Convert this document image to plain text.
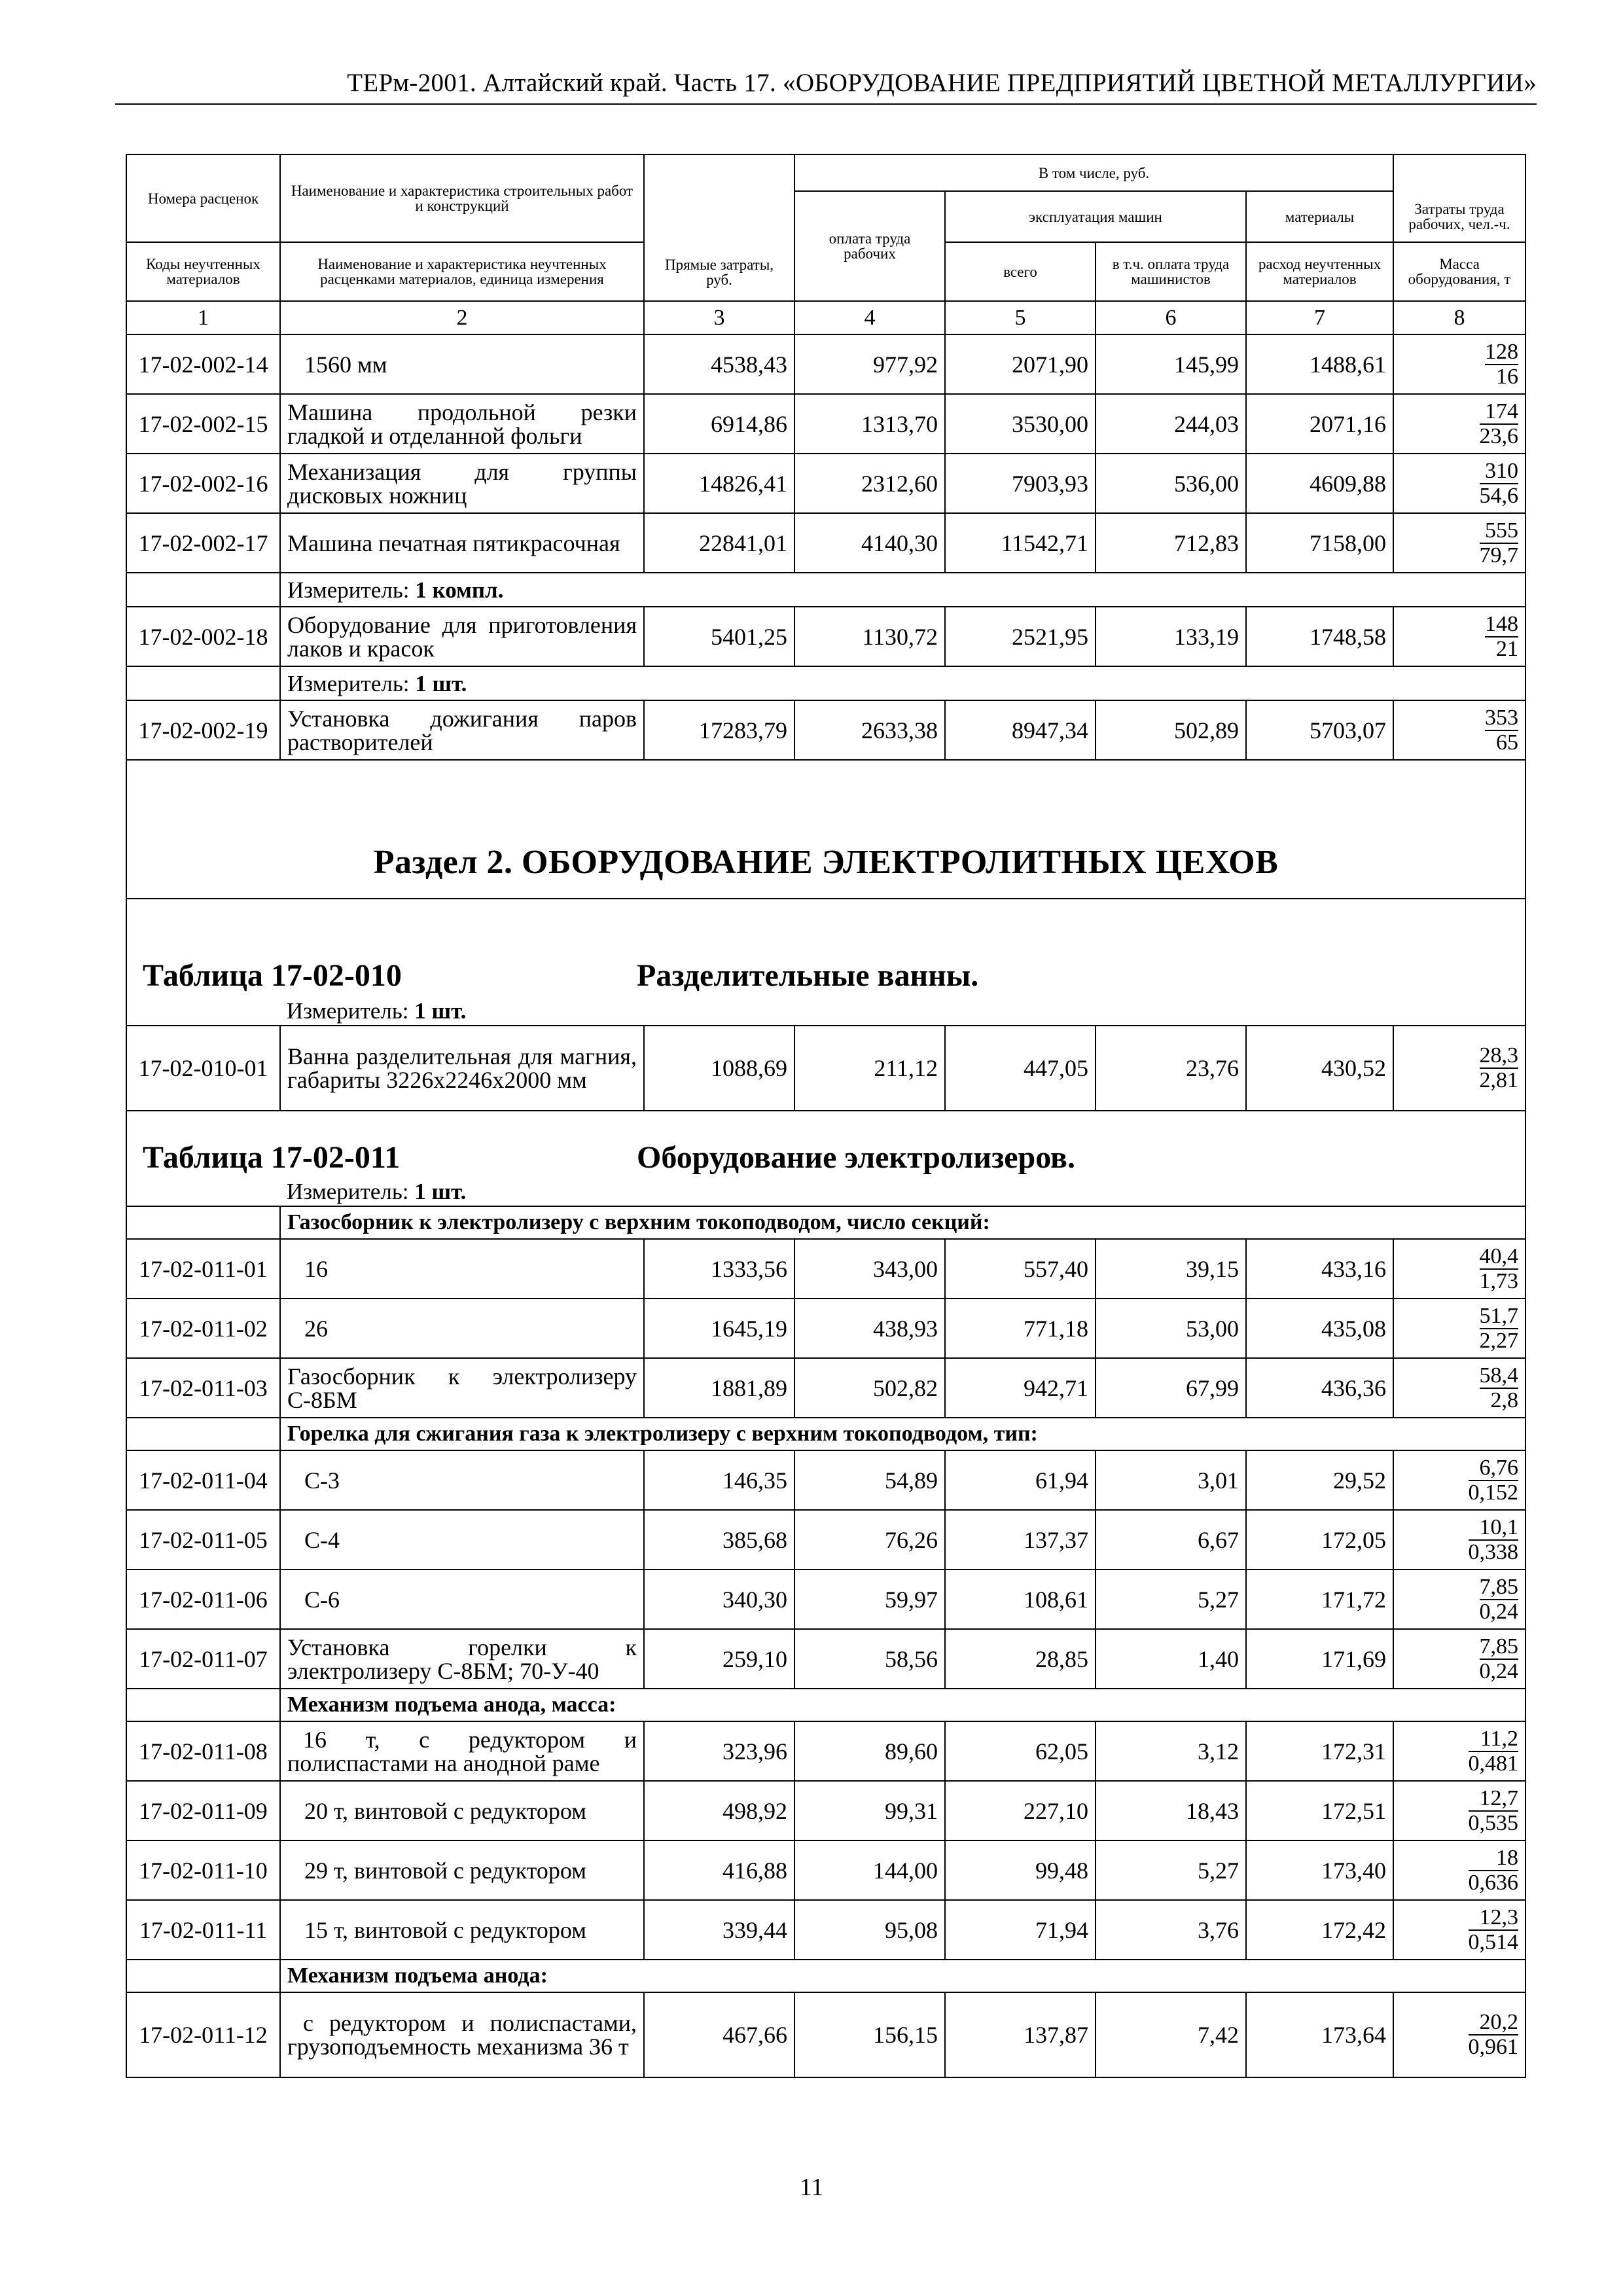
ТЕРм-2001. Алтайский край. Часть 17. «ОБОРУДОВАНИЕ ПРЕДПРИЯТИЙ ЦВЕТНОЙ МЕТАЛЛУРГИИ»
Номера расценок	Наименование и характеристика строительных работ и конструкций	Прямые затраты, руб.	В том числе, руб.				
			оплата труда рабочих	эксплуатация машин		материалы	Затраты труда рабочих, чел.-ч.
Коды неучтенных материалов	Наименование и характеристика неучтенных расценками материалов, единица измерения			всего	в т.ч. оплата труда машинистов	расход неучтенных материалов	Масса оборудования, т

1	2	3	4	5	6	7	8
17-02-002-14	1560 мм	4538,43	977,92	2071,90	145,99	1488,61	$\frac{128}{16}$

17-02-002-15	Машина продольной резки гладкой и отделанной фольги	6914,86	1313,70	3530,00	244,03	2071,16	$\frac{174}{23,6}$

17-02-002-16	Механизация для группы дисковых ножниц	14826,41	2312,60	7903,93	536,00	4609,88	$\frac{310}{54,6}$

17-02-002-17	Машина печатная пятикрасочная	22841,01	4140,30	11542,71	712,83	7158,00	$\frac{555}{79,7}$

	Измеритель: 1 компл.						
17-02-002-18	Оборудование для приготовления лаков и красок	5401,25	1130,72	2521,95	133,19	1748,58	$\frac{148}{21}$

	Измеритель: 1 шт.						
17-02-002-19	Установка дожигания паров растворителей	17283,79	2633,38	8947,34	502,89	5703,07	$\frac{353}{65}$

Раздел 2. ОБОРУДОВАНИЕ ЭЛЕКТРОЛИТНЫХ ЦЕХОВ							
Таблица 17-02-010 Разделительные ванны.							
	Измеритель: 1 шт.						
17-02-010-01	Ванна разделительная для магния, габариты 3226х2246х2000 мм	1088,69	211,12	447,05	23,76	430,52	$\frac{28,3}{2,81}$

Таблица 17-02-011 Оборудование электролизеров.							
	Измеритель: 1 шт.						
	Газосборник к электролизеру с верхним токоподводом, число секций:						
17-02-011-01	16	1333,56	343,00	557,40	39,15	433,16	$\frac{40,4}{1,73}$

17-02-011-02	26	1645,19	438,93	771,18	53,00	435,08	$\frac{51,7}{2,27}$

17-02-011-03	Газосборник к электролизеру С-8БМ	1881,89	502,82	942,71	67,99	436,36	$\frac{58,4}{2,8}$

	Горелка для сжигания газа к электролизеру с верхним токоподводом, тип:						
17-02-011-04	С-3	146,35	54,89	61,94	3,01	29,52	$\frac{6,76}{0,152}$

17-02-011-05	С-4	385,68	76,26	137,37	6,67	172,05	$\frac{10,1}{0,338}$

17-02-011-06	С-6	340,30	59,97	108,61	5,27	171,72	$\frac{7,85}{0,24}$

17-02-011-07	Установка горелки к электролизеру С-8БМ; 70-У-40	259,10	58,56	28,85	1,40	171,69	$\frac{7,85}{0,24}$

	Механизм подъема анода, масса:						
17-02-011-08	16 т, с редуктором и полиспастами на анодной раме	323,96	89,60	62,05	3,12	172,31	$\frac{11,2}{0,481}$

17-02-011-09	20 т, винтовой с редуктором	498,92	99,31	227,10	18,43	172,51	$\frac{12,7}{0,535}$

17-02-011-10	29 т, винтовой с редуктором	416,88	144,00	99,48	5,27	173,40	$\frac{18}{0,636}$

17-02-011-11	15 т, винтовой с редуктором	339,44	95,08	71,94	3,76	172,42	$\frac{12,3}{0,514}$

	Механизм подъема анода:						
17-02-011-12	с редуктором и полиспастами, грузоподъемность механизма 36 т	467,66	156,15	137,87	7,42	173,64	$\frac{20,2}{0,961}$
11
